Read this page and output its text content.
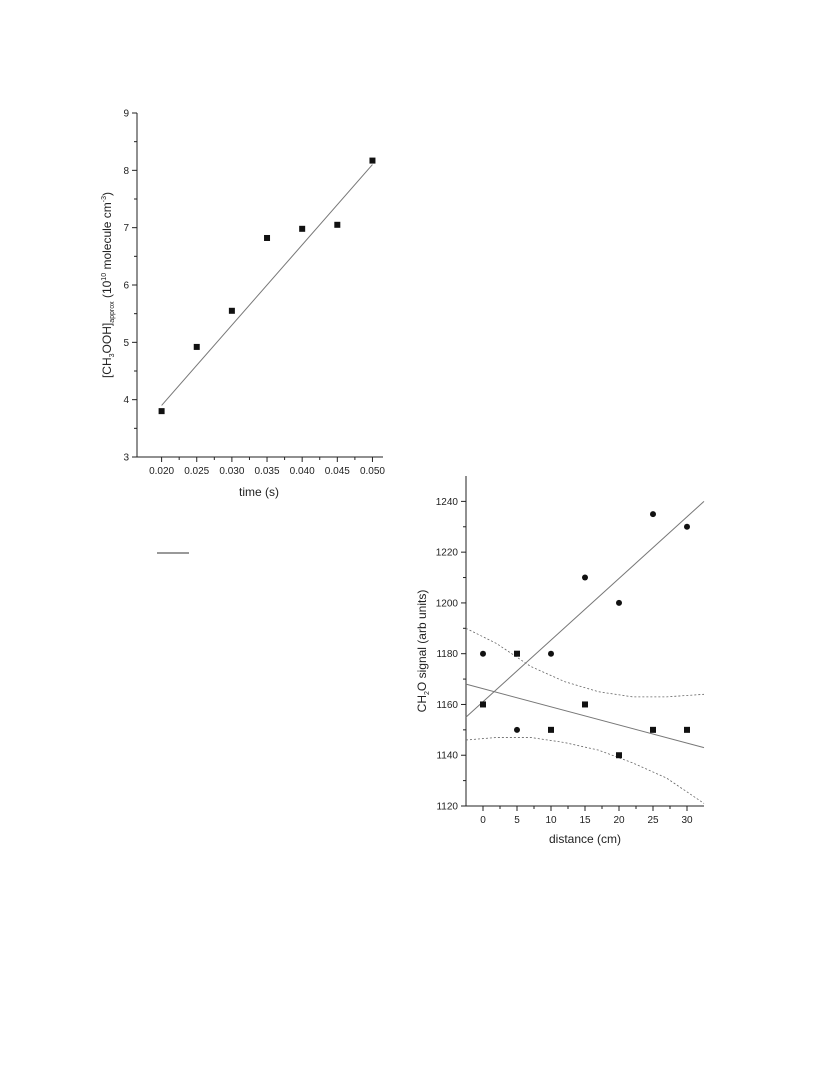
0.020 0.025 0.030 0.035 0.040 0.045 0.050
3
4
5
6
7
8
9
time (s)
$[CH_3OOH]_{approx}$ ($10^{10}$ molecule $cm^{-3}$)
0	5	10 15 20 25 30
1120
1140
1160
1180
1200
1220
1240
distance (cm)
$CH_2O$ signal (arb units)
